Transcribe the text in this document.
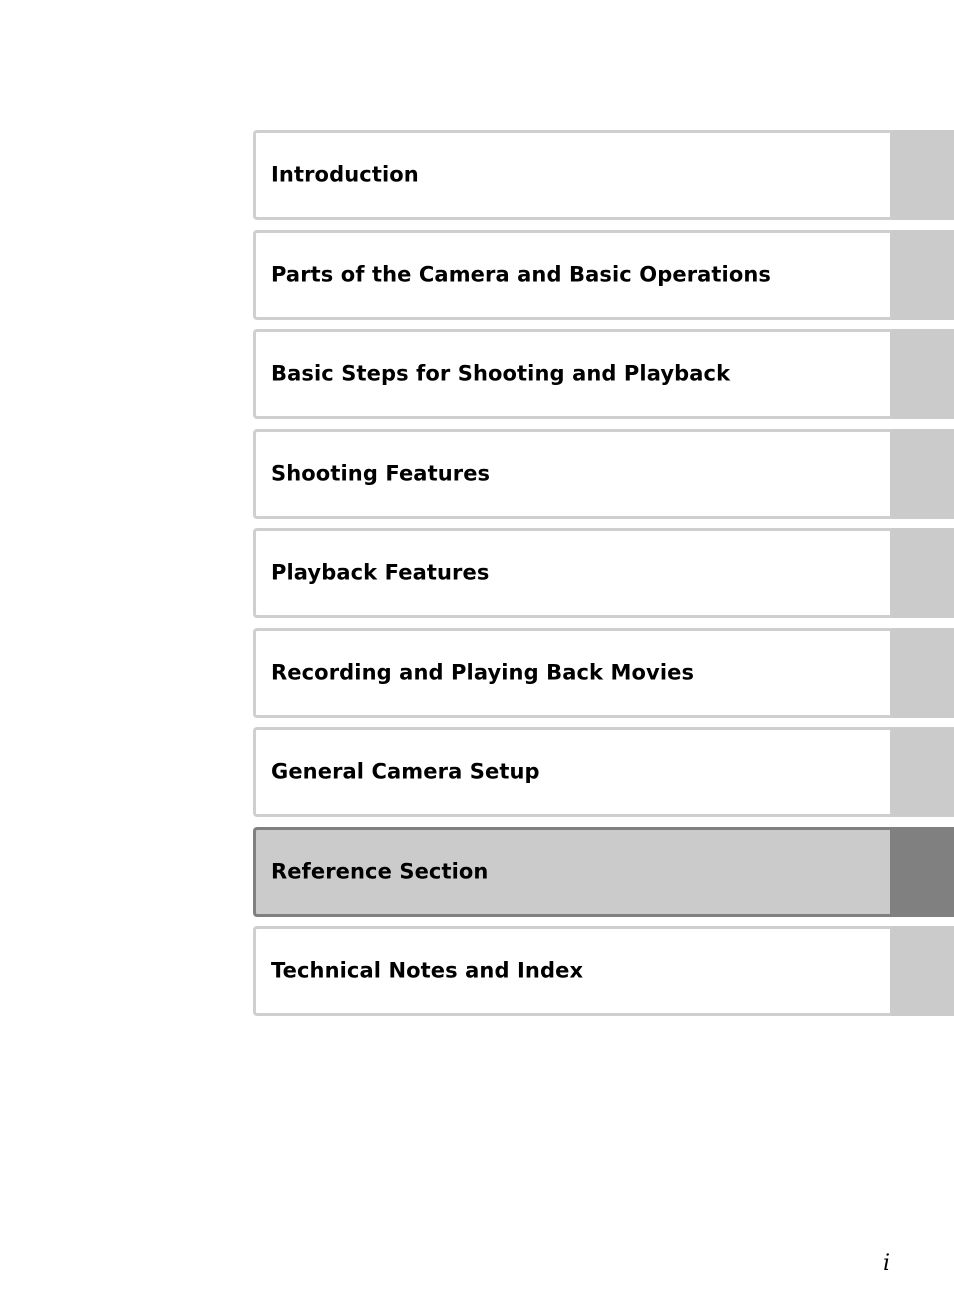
Introduction
Parts of the Camera and Basic Operations
Basic Steps for Shooting and Playback
Shooting Features
Playback Features
Recording and Playing Back Movies
General Camera Setup
Reference Section
Technical Notes and Index
i
